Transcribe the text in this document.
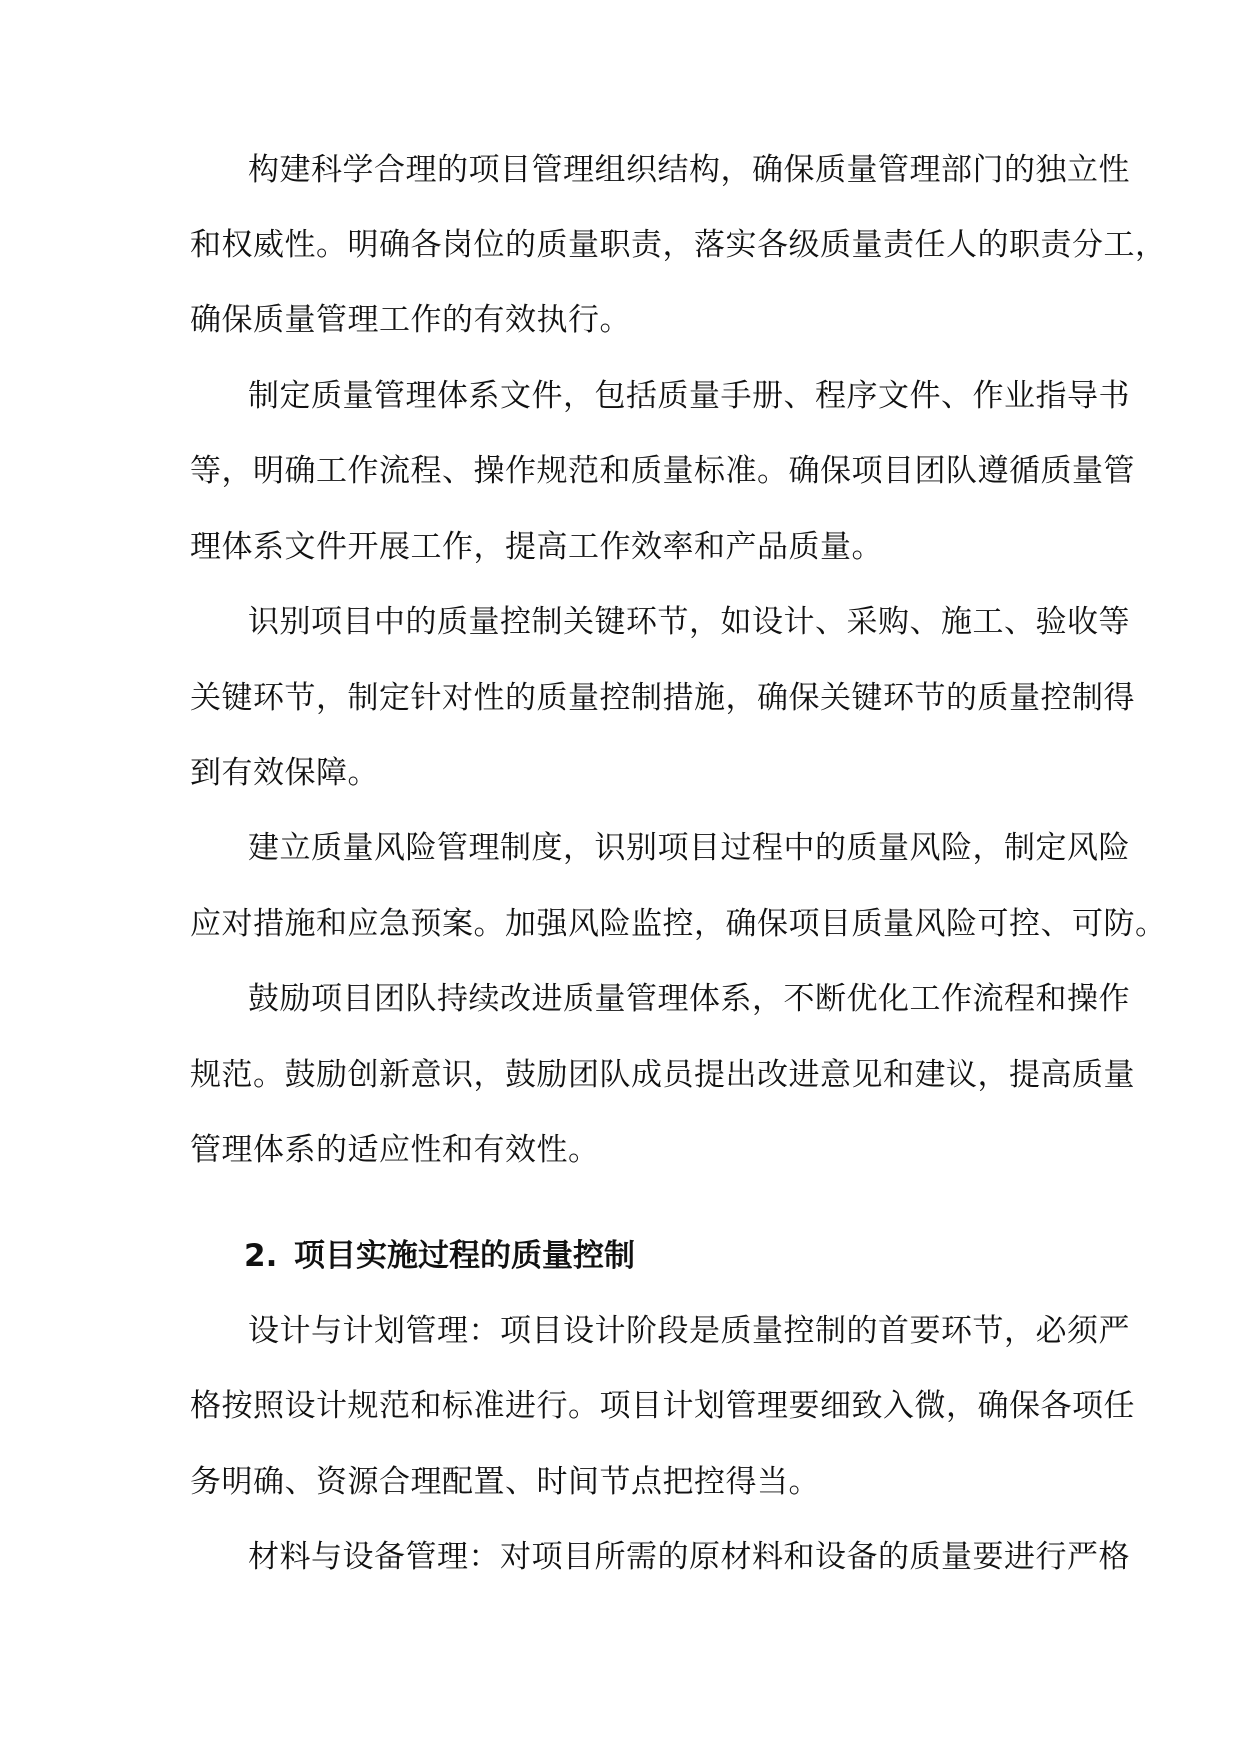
构建科学合理的项目管理组织结构，确保质量管理部门的独立性
和权威性。明确各岗位的质量职责，落实各级质量责任人的职责分工，
确保质量管理工作的有效执行。
制定质量管理体系文件，包括质量手册、程序文件、作业指导书
等，明确工作流程、操作规范和质量标准。确保项目团队遵循质量管
理体系文件开展工作，提高工作效率和产品质量。
识别项目中的质量控制关键环节，如设计、采购、施工、验收等
关键环节，制定针对性的质量控制措施，确保关键环节的质量控制得
到有效保障。
建立质量风险管理制度，识别项目过程中的质量风险，制定风险
应对措施和应急预案。加强风险监控，确保项目质量风险可控、可防。
鼓励项目团队持续改进质量管理体系，不断优化工作流程和操作
规范。鼓励创新意识，鼓励团队成员提出改进意见和建议，提高质量
管理体系的适应性和有效性。
2. 项目实施过程的质量控制
设计与计划管理：项目设计阶段是质量控制的首要环节，必须严
格按照设计规范和标准进行。项目计划管理要细致入微，确保各项任
务明确、资源合理配置、时间节点把控得当。
材料与设备管理：对项目所需的原材料和设备的质量要进行严格
